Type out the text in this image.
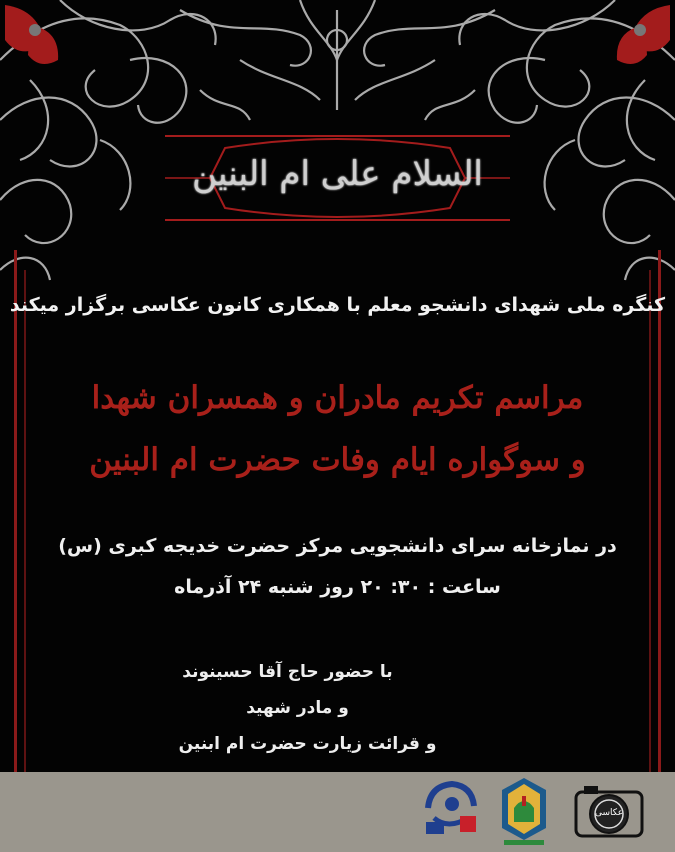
السلام علی ام البنین
کنگره ملی شهدای دانشجو معلم با همکاری کانون عکاسی برگزار میکند
مراسم تکریم مادران و همسران شهدا
و سوگواره ایام وفات حضرت ام البنین
در نمازخانه سرای دانشجویی مرکز حضرت خدیجه کبری (س)
ساعت : ۳۰: ۲۰ روز شنبه ۲۴ آذرماه
با حضور حاج آقا حسینوند
و مادر شهید
و قرائت زیارت حضرت ام ابنین
عکاسی
